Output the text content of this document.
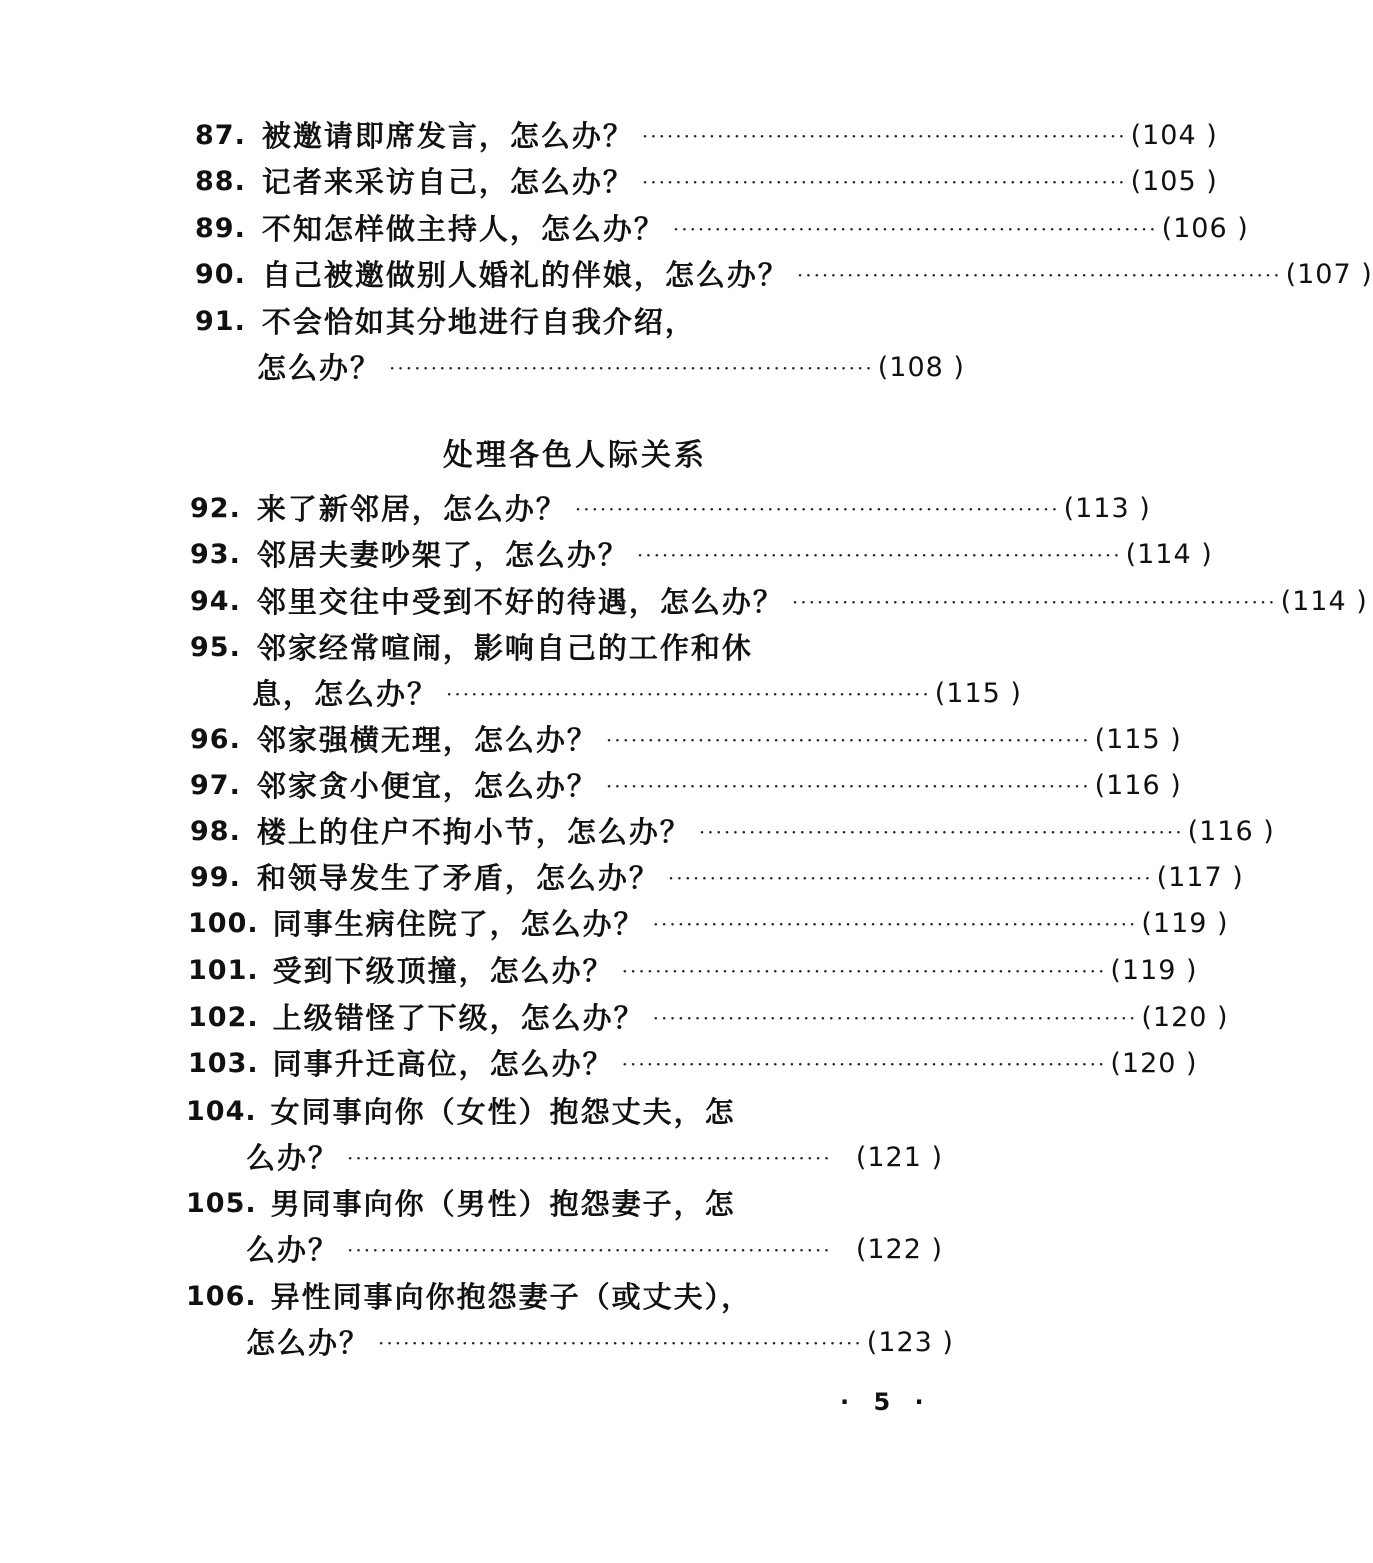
87. 被邀请即席发言，怎么办？ ·························································· (104 )
88. 记者来采访自己，怎么办？ ·························································· (105 )
89. 不知怎样做主持人，怎么办？ ·························································· (106 )
90. 自己被邀做别人婚礼的伴娘，怎么办？ ·························································· (107 )
91. 不会恰如其分地进行自我介绍，
怎么办？ ·························································· (108 )
处理各色人际关系
92. 来了新邻居，怎么办？ ·························································· (113 )
93. 邻居夫妻吵架了，怎么办？ ·························································· (114 )
94. 邻里交往中受到不好的待遇，怎么办？ ·························································· (114 )
95. 邻家经常喧闹，影响自己的工作和休
息，怎么办？ ·························································· (115 )
96. 邻家强横无理，怎么办？ ·························································· (115 )
97. 邻家贪小便宜，怎么办？ ·························································· (116 )
98. 楼上的住户不拘小节，怎么办？ ·························································· (116 )
99. 和领导发生了矛盾，怎么办？ ·························································· (117 )
100. 同事生病住院了，怎么办？ ·························································· (119 )
101. 受到下级顶撞，怎么办？ ·························································· (119 )
102. 上级错怪了下级，怎么办？ ·························································· (120 )
103. 同事升迁高位，怎么办？ ·························································· (120 )
104. 女同事向你（女性）抱怨丈夫，怎
么办？ ·························································· (121 )
105. 男同事向你（男性）抱怨妻子，怎
么办？ ·························································· (122 )
106. 异性同事向你抱怨妻子（或丈夫），
怎么办？ ·························································· (123 )
· 5 ·
